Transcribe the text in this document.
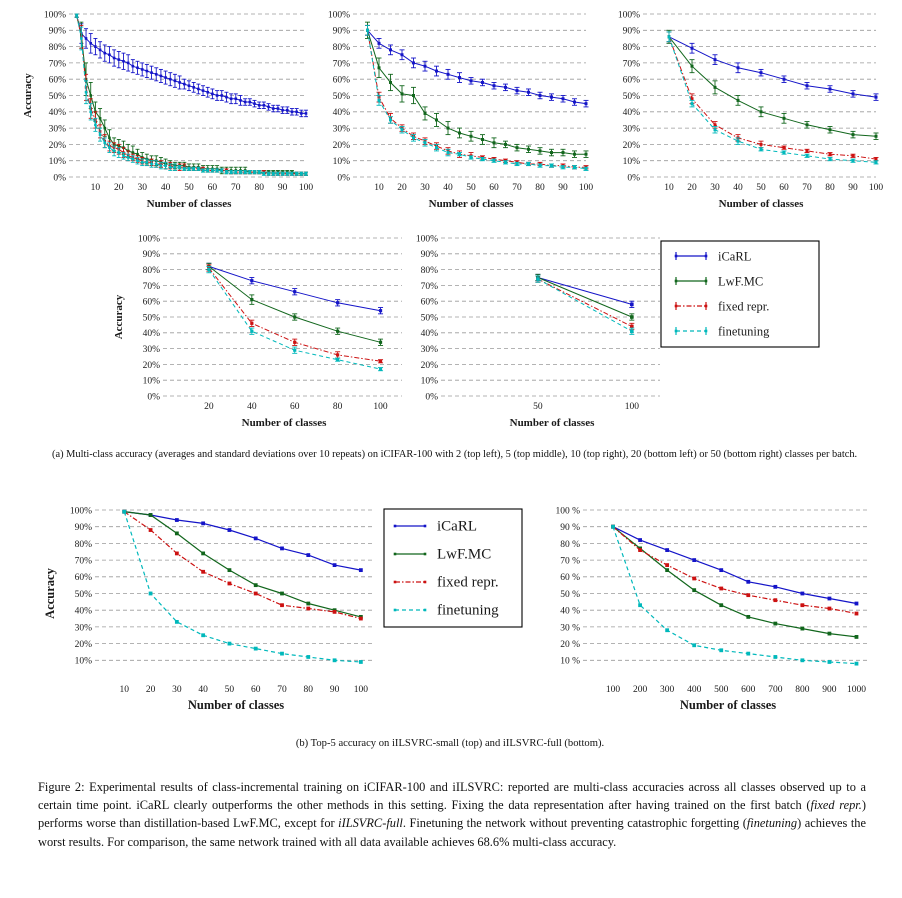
0%
10%
20%
30%
40%
50%
60%
70%
80%
90%
100%
10 20 30 40 50 60 70 80 90 100
Number of classes
Accuracy
0%
10%
20%
30%
40%
50%
60%
70%
80%
90%
100%
10 20 30 40 50 60 70 80 90 100
Number of classes
0%
10%
20%
30%
40%
50%
60%
70%
80%
90%
100%
10 20 30 40 50 60 70 80 90 100
Number of classes
0%
10%
20%
30%
40%
50%
60%
70%
80%
90%
100%
20	40	60	80	100
Number of classes
Accuracy
0%
10%
20%
30%
40%
50%
60%
70%
80%
90%
100%
50	100
Number of classes
iCaRL
LwF.MC
fixed repr.
finetuning
(a) Multi-class accuracy (averages and standard deviations over 10 repeats) on iCIFAR-100 with 2 (top left), 5 (top middle), 10 (top right), 20 (bottom left) or 50 (bottom right) classes per batch.
10%
20%
30%
40%
50%
60%
70%
80%
90%
100%
10 20 30 40 50 60 70 80 90 100
Number of classes
Accuracy
iCaRL
LwF.MC
fixed repr.
finetuning
10 %
20 %
30 %
40 %
50 %
60 %
70 %
80 %
90 %
100 %
100 200 300 400 500 600 700 800 900 1000
Number of classes
(b) Top-5 accuracy on iILSVRC-small (top) and iILSVRC-full (bottom).
Figure 2: Experimental results of class-incremental training on iCIFAR-100 and iILSVRC: reported are multi-class accuracies across all classes observed up to a certain time point. iCaRL clearly outperforms the other methods in this setting. Fixing the data representation after having trained on the first batch (fixed repr.) performs worse than distillation-based LwF.MC, except for iILSVRC-full. Finetuning the network without preventing catastrophic forgetting (finetuning) achieves the worst results. For comparison, the same network trained with all data available achieves 68.6% multi-class accuracy.
